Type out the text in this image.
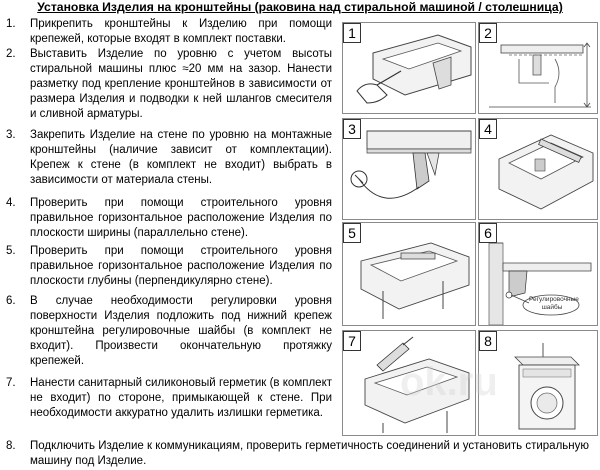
Установка Изделия на кронштейны (раковина над стиральной машиной / столешница)
1.	Прикрепить кронштейны к Изделию при помощи крепежей, которые входят в комплект поставки.
2.	Выставить Изделие по уровню с учетом высоты стиральной машины плюс ≈20 мм на зазор. Нанести разметку под крепление кронштейнов в зависимости от размера Изделия и подводки к ней шлангов смесителя и сливной арматуры.
3.	Закрепить Изделие на стене по уровню на монтажные кронштейны (наличие зависит от комплектации). Крепеж к стене (в комплект не входит) выбрать в зависимости от материала стены.
4.	Проверить при помощи строительного уровня правильное горизонтальное расположение Изделия по плоскости ширины (параллельно стене).
5.	Проверить при помощи строительного уровня правильное горизонтальное расположение Изделия по плоскости глубины (перпендикулярно стене).
6.	В случае необходимости регулировки уровня поверхности Изделия подложить под нижний крепеж кронштейна регулировочные шайбы (в комплект не входит). Произвести окончательную протяжку крепежей.
7.	Нанести санитарный силиконовый герметик (в комплект не входит) по стороне, примыкающей к стене. При необходимости аккуратно удалить излишки герметика.
8.	Подключить Изделие к коммуникациям, проверить герметичность соединений и установить стиральную машину под Изделие.
1	2
3	4
5	6
Регулировочные шайбы
7	8
ok.ru
